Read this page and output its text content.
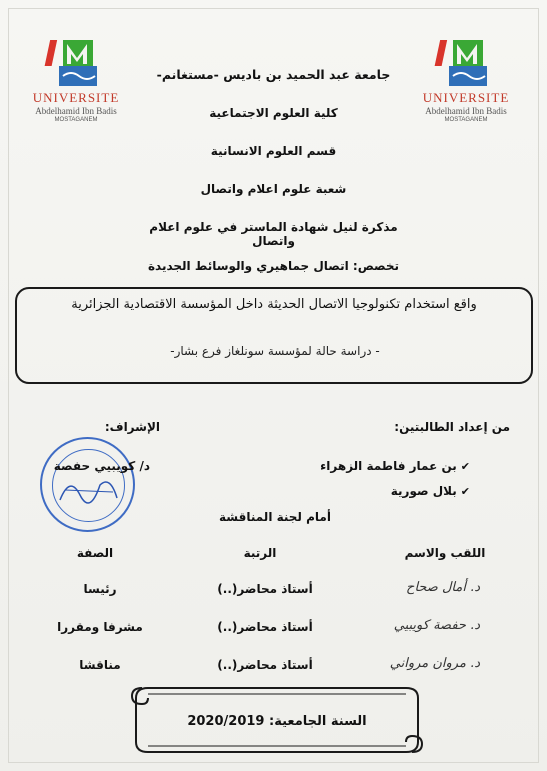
UNIVERSITE
Abdelhamid Ibn Badis
MOSTAGANEM
UNIVERSITE
Abdelhamid Ibn Badis
MOSTAGANEM
جامعة عبد الحميد بن باديس -مستغانم-
كلية العلوم الاجتماعية
قسم العلوم الانسانية
شعبة علوم اعلام واتصال
مذكرة لنيل شهادة الماستر في علوم اعلام واتصال
تخصص: اتصال جماهيري والوسائط الجديدة
واقع استخدام تكنولوجيا الاتصال الحديثة داخل المؤسسة الاقتصادية الجزائرية
- دراسة حالة لمؤسسة سونلغاز فرع بشار-
من إعداد الطالبتين:
✔بن عمار فاطمة الزهراء
✔بلال صورية
الإشراف:
د/ كويبيي حفصة
أمام لجنة المناقشة
اللقب والاسم
الرتبة
الصفة
د. أمال صحاح
أستاذ محاضر(..)
رئيسا
د. حفصة كويبيي
أستاذ محاضر(..)
مشرفا ومقررا
د. مروان مرواني
أستاذ محاضر(..)
مناقشا
السنة الجامعية: 2020/2019
